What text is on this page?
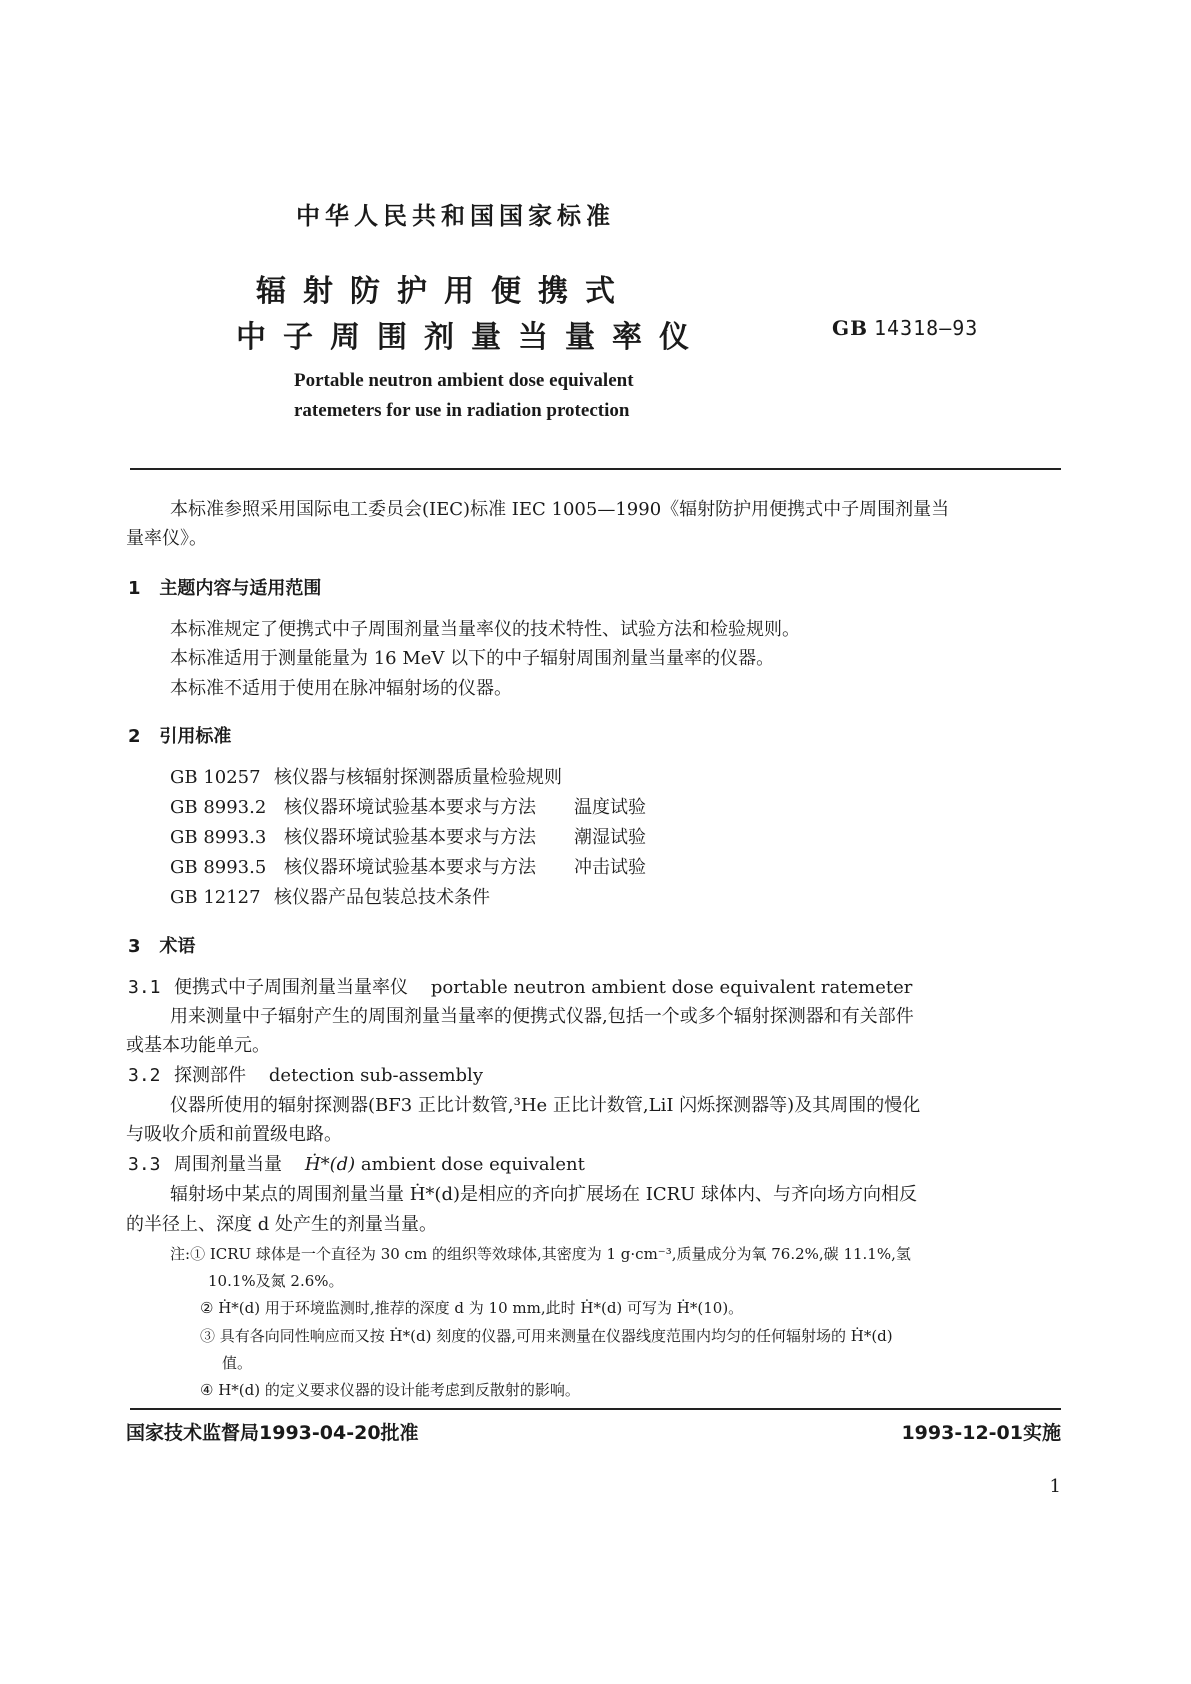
中华人民共和国国家标准
辐射防护用便携式
中子周围剂量当量率仪	GB 14318—93
Portable neutron ambient dose equivalent
ratemeters for use in radiation protection
本标准参照采用国际电工委员会(IEC)标准 IEC 1005—1990《辐射防护用便携式中子周围剂量当
量率仪》。
1 主题内容与适用范围
本标准规定了便携式中子周围剂量当量率仪的技术特性、试验方法和检验规则。
本标准适用于测量能量为 16 MeV 以下的中子辐射周围剂量当量率的仪器。
本标准不适用于使用在脉冲辐射场的仪器。
2 引用标准
GB 10257 核仪器与核辐射探测器质量检验规则
GB 8993.2 核仪器环境试验基本要求与方法 温度试验
GB 8993.3 核仪器环境试验基本要求与方法 潮湿试验
GB 8993.5 核仪器环境试验基本要求与方法 冲击试验
GB 12127 核仪器产品包装总技术条件
3 术语
3.1 便携式中子周围剂量当量率仪 portable neutron ambient dose equivalent ratemeter
用来测量中子辐射产生的周围剂量当量率的便携式仪器,包括一个或多个辐射探测器和有关部件
或基本功能单元。
3.2 探测部件 detection sub-assembly
仪器所使用的辐射探测器(BF3 正比计数管,³He 正比计数管,LiI 闪烁探测器等)及其周围的慢化
与吸收介质和前置级电路。
3.3 周围剂量当量 Ḣ*(d) ambient dose equivalent
辐射场中某点的周围剂量当量 Ḣ*(d)是相应的齐向扩展场在 ICRU 球体内、与齐向场方向相反
的半径上、深度 d 处产生的剂量当量。
注:① ICRU 球体是一个直径为 30 cm 的组织等效球体,其密度为 1 g·cm⁻³,质量成分为氧 76.2%,碳 11.1%,氢
10.1%及氮 2.6%。
② Ḣ*(d) 用于环境监测时,推荐的深度 d 为 10 mm,此时 Ḣ*(d) 可写为 Ḣ*(10)。
③ 具有各向同性响应而又按 Ḣ*(d) 刻度的仪器,可用来测量在仪器线度范围内均匀的任何辐射场的 Ḣ*(d)
值。
④ H*(d) 的定义要求仪器的设计能考虑到反散射的影响。
国家技术监督局1993-04-20批准	1993-12-01实施
1
